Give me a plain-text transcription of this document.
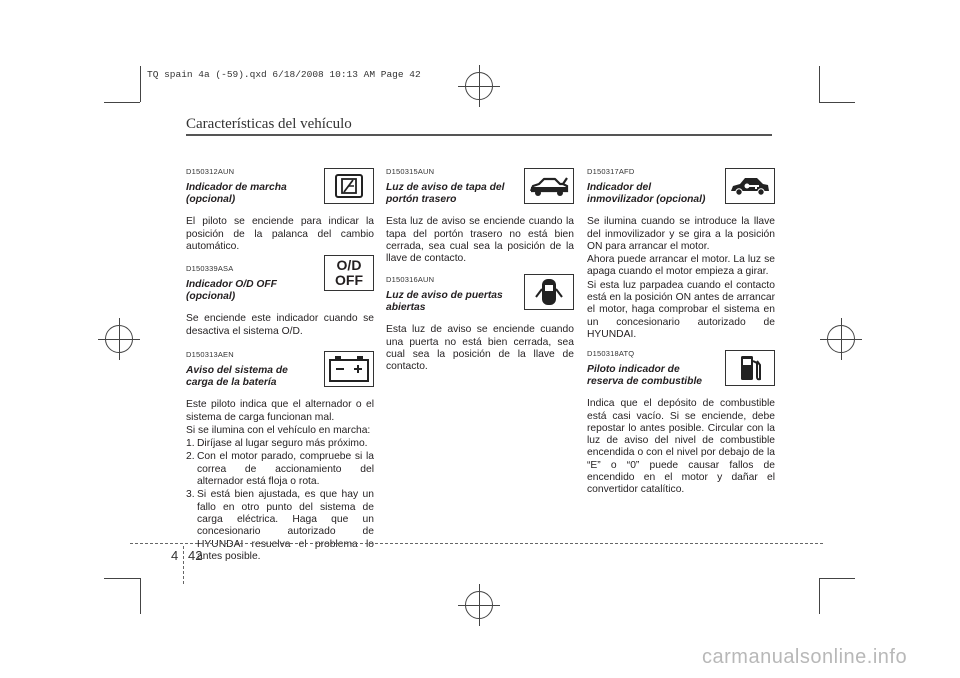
TQ spain 4a (-59).qxd 6/18/2008 10:13 AM Page 42
Características del vehículo
D150312AUN
Indicador de marcha (opcional)

El piloto se enciende para indicar la posición de la palanca del cambio automático.

D150339ASA
Indicador O/D OFF (opcional)
O/D
OFF

Se enciende este indicador cuando se desactiva el sistema O/D.

D150313AEN
Aviso del sistema de carga de la batería

Este piloto indica que el alternador o el sistema de carga funcionan mal.

Si se ilumina con el vehículo en marcha:

1. Diríjase al lugar seguro más próximo.
2. Con el motor parado, compruebe si la correa de accionamiento del alternador está floja o rota.
3. Si está bien ajustada, es que hay un fallo en otro punto del sistema de carga eléctrica. Haga que un concesionario autorizado de HYUNDAI resuelva el problema lo antes posible.
D150315AUN
Luz de aviso de tapa del portón trasero

Esta luz de aviso se enciende cuando la tapa del portón trasero no está bien cerrada, sea cual sea la posición de la llave de contacto.

D150316AUN
Luz de aviso de puertas abiertas

Esta luz de aviso se enciende cuando una puerta no está bien cerrada, sea cual sea la posición de la llave de contacto.

D150317AFD
Indicador del inmovilizador (opcional)

Se ilumina cuando se introduce la llave del inmovilizador y se gira a la posición ON para arrancar el motor.

Ahora puede arrancar el motor. La luz se apaga cuando el motor empieza a girar.

Si esta luz parpadea cuando el contacto está en la posición ON antes de arrancar el motor, haga comprobar el sistema en un concesionario autorizado de HYUNDAI.

D150318ATQ
Piloto indicador de reserva de combustible

Indica que el depósito de combustible está casi vacío. Si se enciende, debe repostar lo antes posible. Circular con la luz de aviso del nivel de combustible encendida o con el nivel por debajo de la “E” o “0” puede causar fallos de encendido en el motor y dañar el convertidor catalítico.

4 42
carmanualsonline.info
